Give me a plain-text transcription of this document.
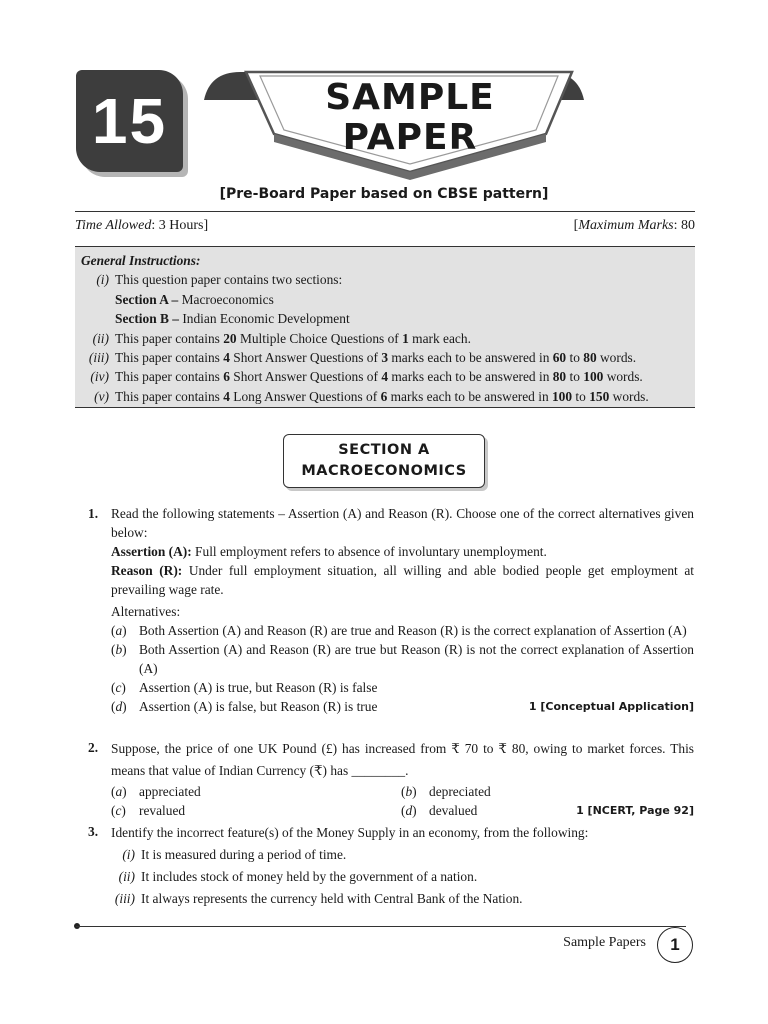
15	SAMPLE
PAPER
[Pre-Board Paper based on CBSE pattern]
Time Allowed: 3 Hours]	[Maximum Marks: 80
General Instructions:
(i) This question paper contains two sections:
Section A – Macroeconomics
Section B – Indian Economic Development
(ii) This paper contains 20 Multiple Choice Questions of 1 mark each.
(iii) This paper contains 4 Short Answer Questions of 3 marks each to be answered in 60 to 80 words.
(iv) This paper contains 6 Short Answer Questions of 4 marks each to be answered in 80 to 100 words.
(v) This paper contains 4 Long Answer Questions of 6 marks each to be answered in 100 to 150 words.
SECTION A
MACROECONOMICS
1. Read the following statements – Assertion (A) and Reason (R). Choose one of the correct alternatives given below:
Assertion (A): Full employment refers to absence of involuntary unemployment.
Reason (R): Under full employment situation, all willing and able bodied people get employment at prevailing wage rate.
Alternatives:
(a) Both Assertion (A) and Reason (R) are true and Reason (R) is the correct explanation of Assertion (A)
(b) Both Assertion (A) and Reason (R) are true but Reason (R) is not the correct explanation of Assertion (A)
(c) Assertion (A) is true, but Reason (R) is false
(d) Assertion (A) is false, but Reason (R) is true	1 [Conceptual Application]
2. Suppose, the price of one UK Pound (£) has increased from ₹ 70 to ₹ 80, owing to market forces. This means that value of Indian Currency (₹) has ________.
(a) appreciated	(b) depreciated
(c) revalued	(d) devalued	1 [NCERT, Page 92]
3. Identify the incorrect feature(s) of the Money Supply in an economy, from the following:
(i) It is measured during a period of time.
(ii) It includes stock of money held by the government of a nation.
(iii) It always represents the currency held with Central Bank of the Nation.
Sample Papers	1
